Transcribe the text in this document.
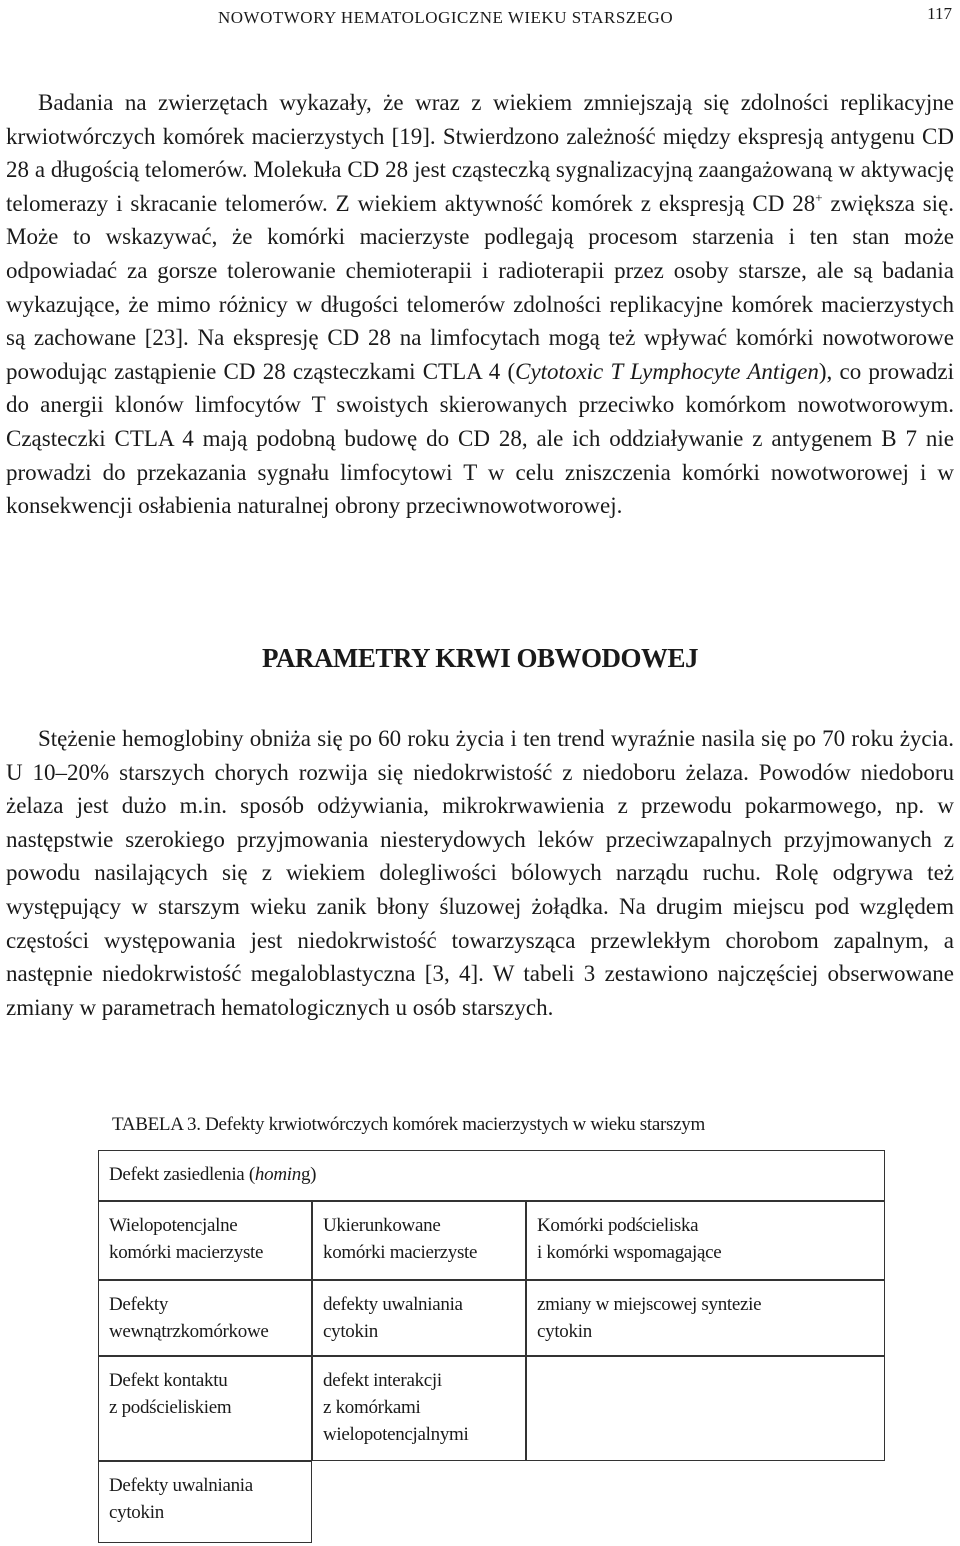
NOWOTWORY HEMATOLOGICZNE WIEKU STARSZEGO	117

Badania na zwierzętach wykazały, że wraz z wiekiem zmniejszają się zdolności replikacyjne krwiotwórczych komórek macierzystych [19]. Stwierdzono zależność między ekspresją antygenu CD 28 a długością telomerów. Molekuła CD 28 jest cząsteczką sygnalizacyjną zaangażowaną w aktywację telomerazy i skracanie telomerów. Z wiekiem aktywność komórek z ekspresją CD 28+ zwiększa się. Może to wskazywać, że komórki macierzyste podlegają procesom starzenia i ten stan może odpowiadać za gorsze tolerowanie chemioterapii i radioterapii przez osoby starsze, ale są badania wykazujące, że mimo różnicy w długości telomerów zdolności replikacyjne komórek macierzystych są zachowane [23]. Na ekspresję CD 28 na limfocytach mogą też wpływać komórki nowotworowe powodując zastąpienie CD 28 cząsteczkami CTLA 4 (Cytotoxic T Lymphocyte Antigen), co prowadzi do anergii klonów limfocytów T swoistych skierowanych przeciwko komórkom nowotworowym. Cząsteczki CTLA 4 mają podobną budowę do CD 28, ale ich oddziaływanie z antygenem B 7 nie prowadzi do przekazania sygnału limfocytowi T w celu zniszczenia komórki nowotworowej i w konsekwencji osłabienia naturalnej obrony przeciwnowotworowej.

PARAMETRY KRWI OBWODOWEJ

Stężenie hemoglobiny obniża się po 60 roku życia i ten trend wyraźnie nasila się po 70 roku życia. U 10–20% starszych chorych rozwija się niedokrwistość z niedoboru żelaza. Powodów niedoboru żelaza jest dużo m.in. sposób odżywiania, mikrokrwawienia z przewodu pokarmowego, np. w następstwie szerokiego przyjmowania niesterydowych leków przeciwzapalnych przyjmowanych z powodu nasilających się z wiekiem dolegliwości bólowych narządu ruchu. Rolę odgrywa też występujący w starszym wieku zanik błony śluzowej żołądka. Na drugim miejscu pod względem częstości występowania jest niedokrwistość towarzysząca przewlekłym chorobom zapalnym, a następnie niedokrwistość megaloblastyczna [3, 4]. W tabeli 3 zestawiono najczęściej obserwowane zmiany w parametrach hematologicznych u osób starszych.

TABELA 3. Defekty krwiotwórczych komórek macierzystych w wieku starszym
Defekt zasiedlenia (homing)
Wielopotencjalne
komórki macierzyste
Ukierunkowane
komórki macierzyste
Komórki podścieliska
i komórki wspomagające
Defekty
wewnątrzkomórkowe
defekty uwalniania
cytokin
zmiany w miejscowej syntezie
cytokin
Defekt kontaktu
z podścieliskiem
defekt interakcji
z komórkami
wielopotencjalnymi
Defekty uwalniania
cytokin
